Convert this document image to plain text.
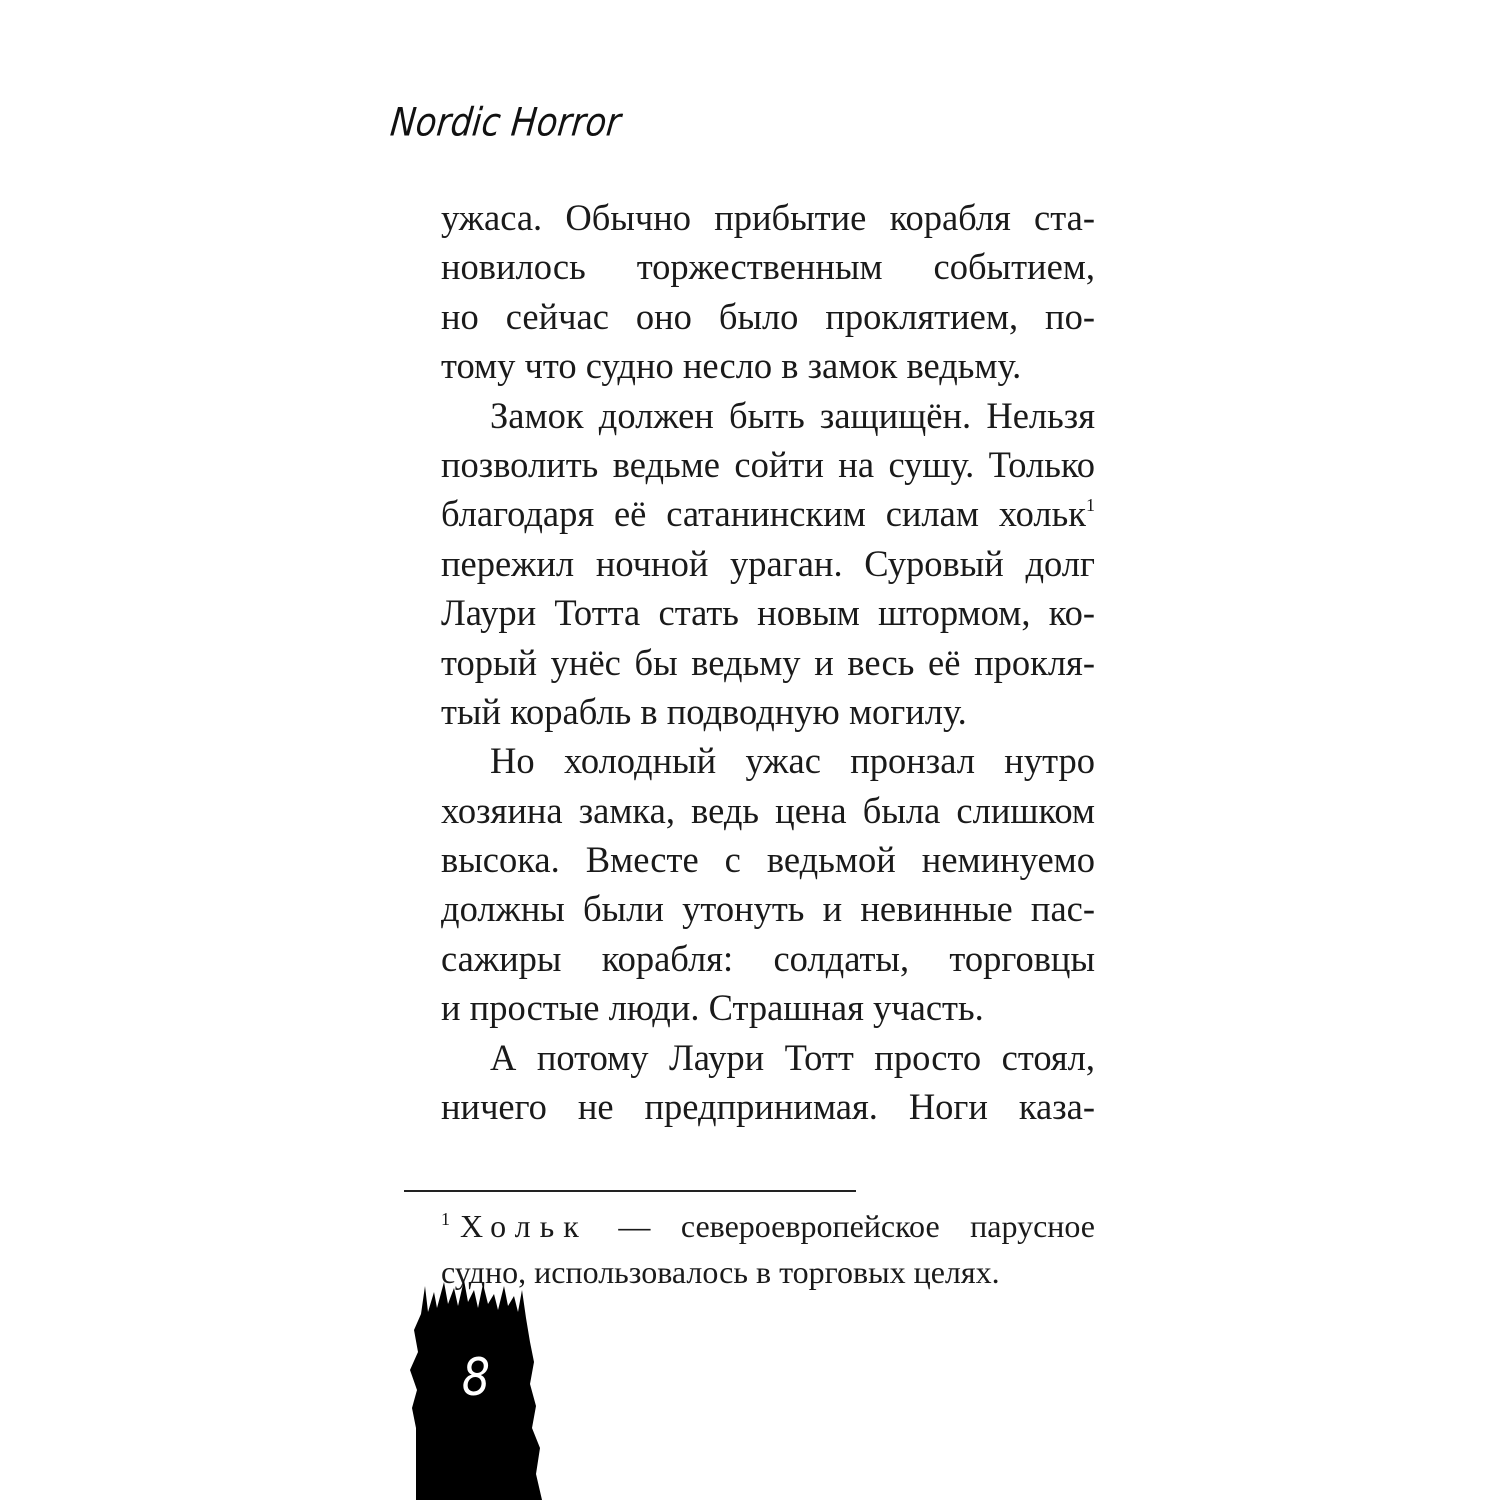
Nordic Horror
ужаса. Обычно прибытие корабля ста-
новилось торжественным событием,
но сейчас оно было проклятием, по-
тому что судно несло в замок ведьму.
Замок должен быть защищён. Нельзя
позволить ведьме сойти на сушу. Только
благодаря её сатанинским силам хольк$^1$
пережил ночной ураган. Суровый долг
Лаури Тотта стать новым штормом, ко-
торый унёс бы ведьму и весь её прокля-
тый корабль в подводную могилу.
Но холодный ужас пронзал нутро
хозяина замка, ведь цена была слишком
высока. Вместе с ведьмой неминуемо
должны были утонуть и невинные пас-
сажиры корабля: солдаты, торговцы
и простые люди. Страшная участь.
А потому Лаури Тотт просто стоял,
ничего не предпринимая. Ноги каза-
$^1$ Хольк — североевропейское парусное
судно, использовалось в торговых целях.
8
